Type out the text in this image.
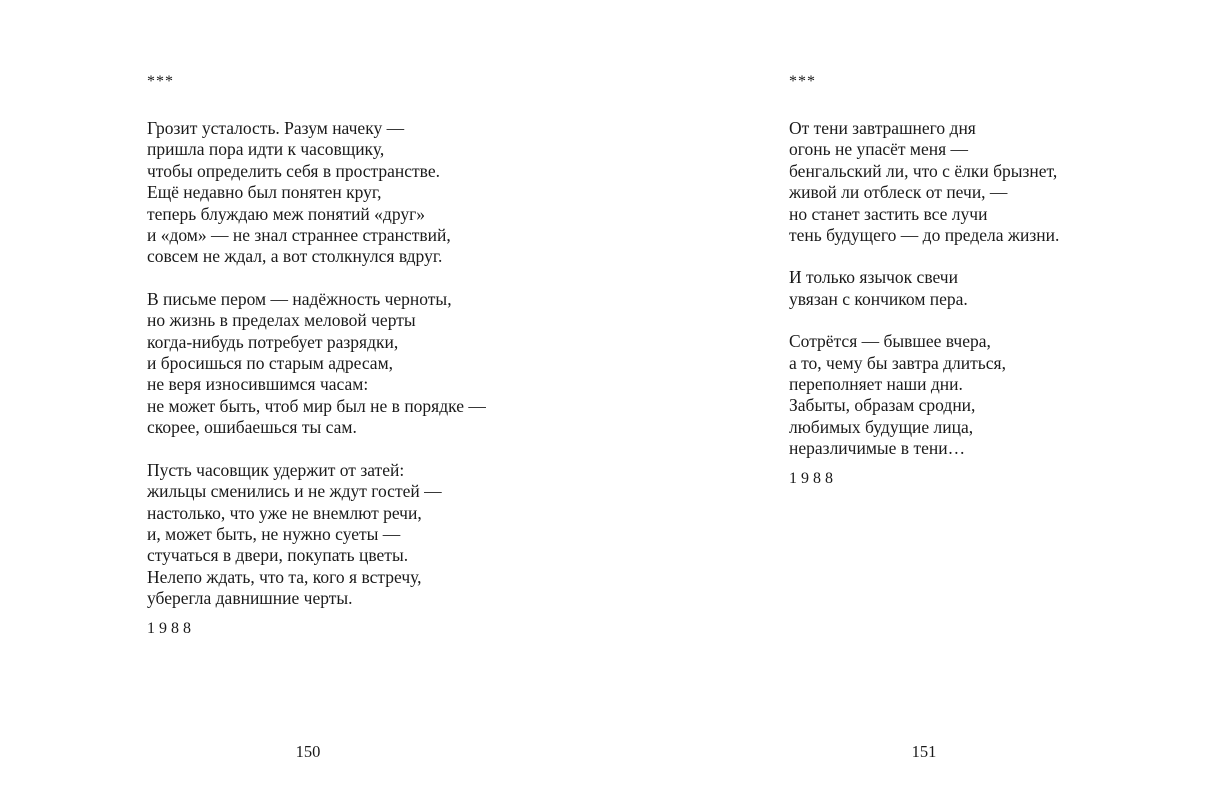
***
Грозит усталость. Разум начеку —
пришла пора идти к часовщику,
чтобы определить себя в пространстве.
Ещё недавно был понятен круг,
теперь блуждаю меж понятий «друг»
и «дом» — не знал страннее странствий,
совсем не ждал, а вот столкнулся вдруг.
В письме пером — надёжность черноты,
но жизнь в пределах меловой черты
когда-нибудь потребует разрядки,
и бросишься по старым адресам,
не веря износившимся часам:
не может быть, чтоб мир был не в порядке —
скорее, ошибаешься ты сам.
Пусть часовщик удержит от затей:
жильцы сменились и не ждут гостей —
настолько, что уже не внемлют речи,
и, может быть, не нужно суеты —
стучаться в двери, покупать цветы.
Нелепо ждать, что та, кого я встречу,
уберегла давнишние черты.
1988
150
***
От тени завтрашнего дня
огонь не упасёт меня —
бенгальский ли, что с ёлки брызнет,
живой ли отблеск от печи, —
но станет застить все лучи
тень будущего — до предела жизни.
И только язычок свечи
увязан с кончиком пера.
Сотрётся — бывшее вчера,
а то, чему бы завтра длиться,
переполняет наши дни.
Забыты, образам сродни,
любимых будущие лица,
неразличимые в тени…
1988
151
